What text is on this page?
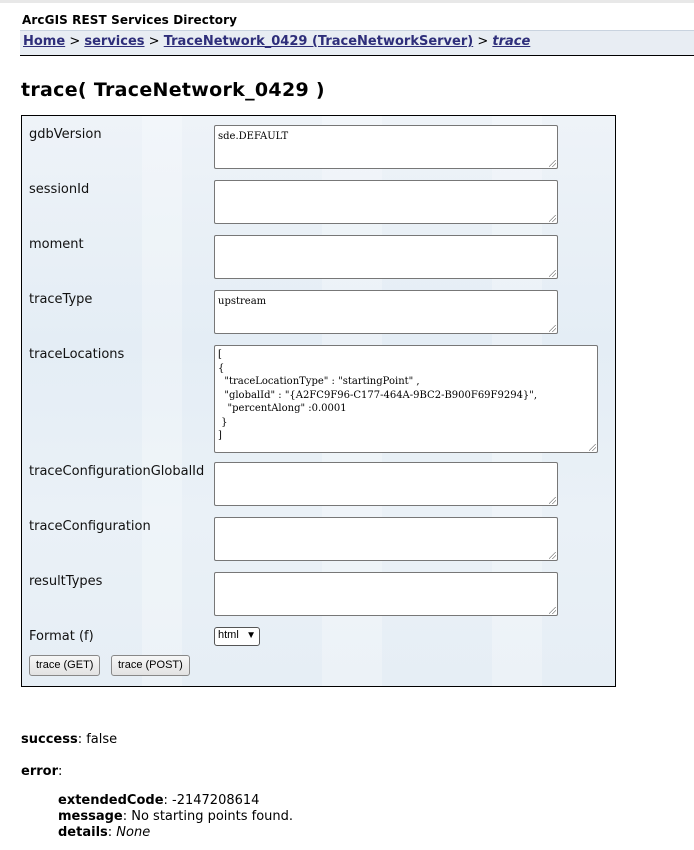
ArcGIS REST Services Directory
Home > services > TraceNetwork_0429 (TraceNetworkServer) > trace
trace( TraceNetwork_0429 )
gdbVersion	sde.DEFAULT
sessionId
moment
traceType	upstream
traceLocations	[
{
"traceLocationType" : "startingPoint" ,
"globalId" : "{A2FC9F96-C177-464A-9BC2-B900F69F9294}",
"percentAlong" :0.0001
}
]
traceConfigurationGlobalId
traceConfiguration
resultTypes
Format (f)	html ▼
trace (GET)	trace (POST)
success: false
error:
extendedCode: -2147208614
message: No starting points found.
details: None
